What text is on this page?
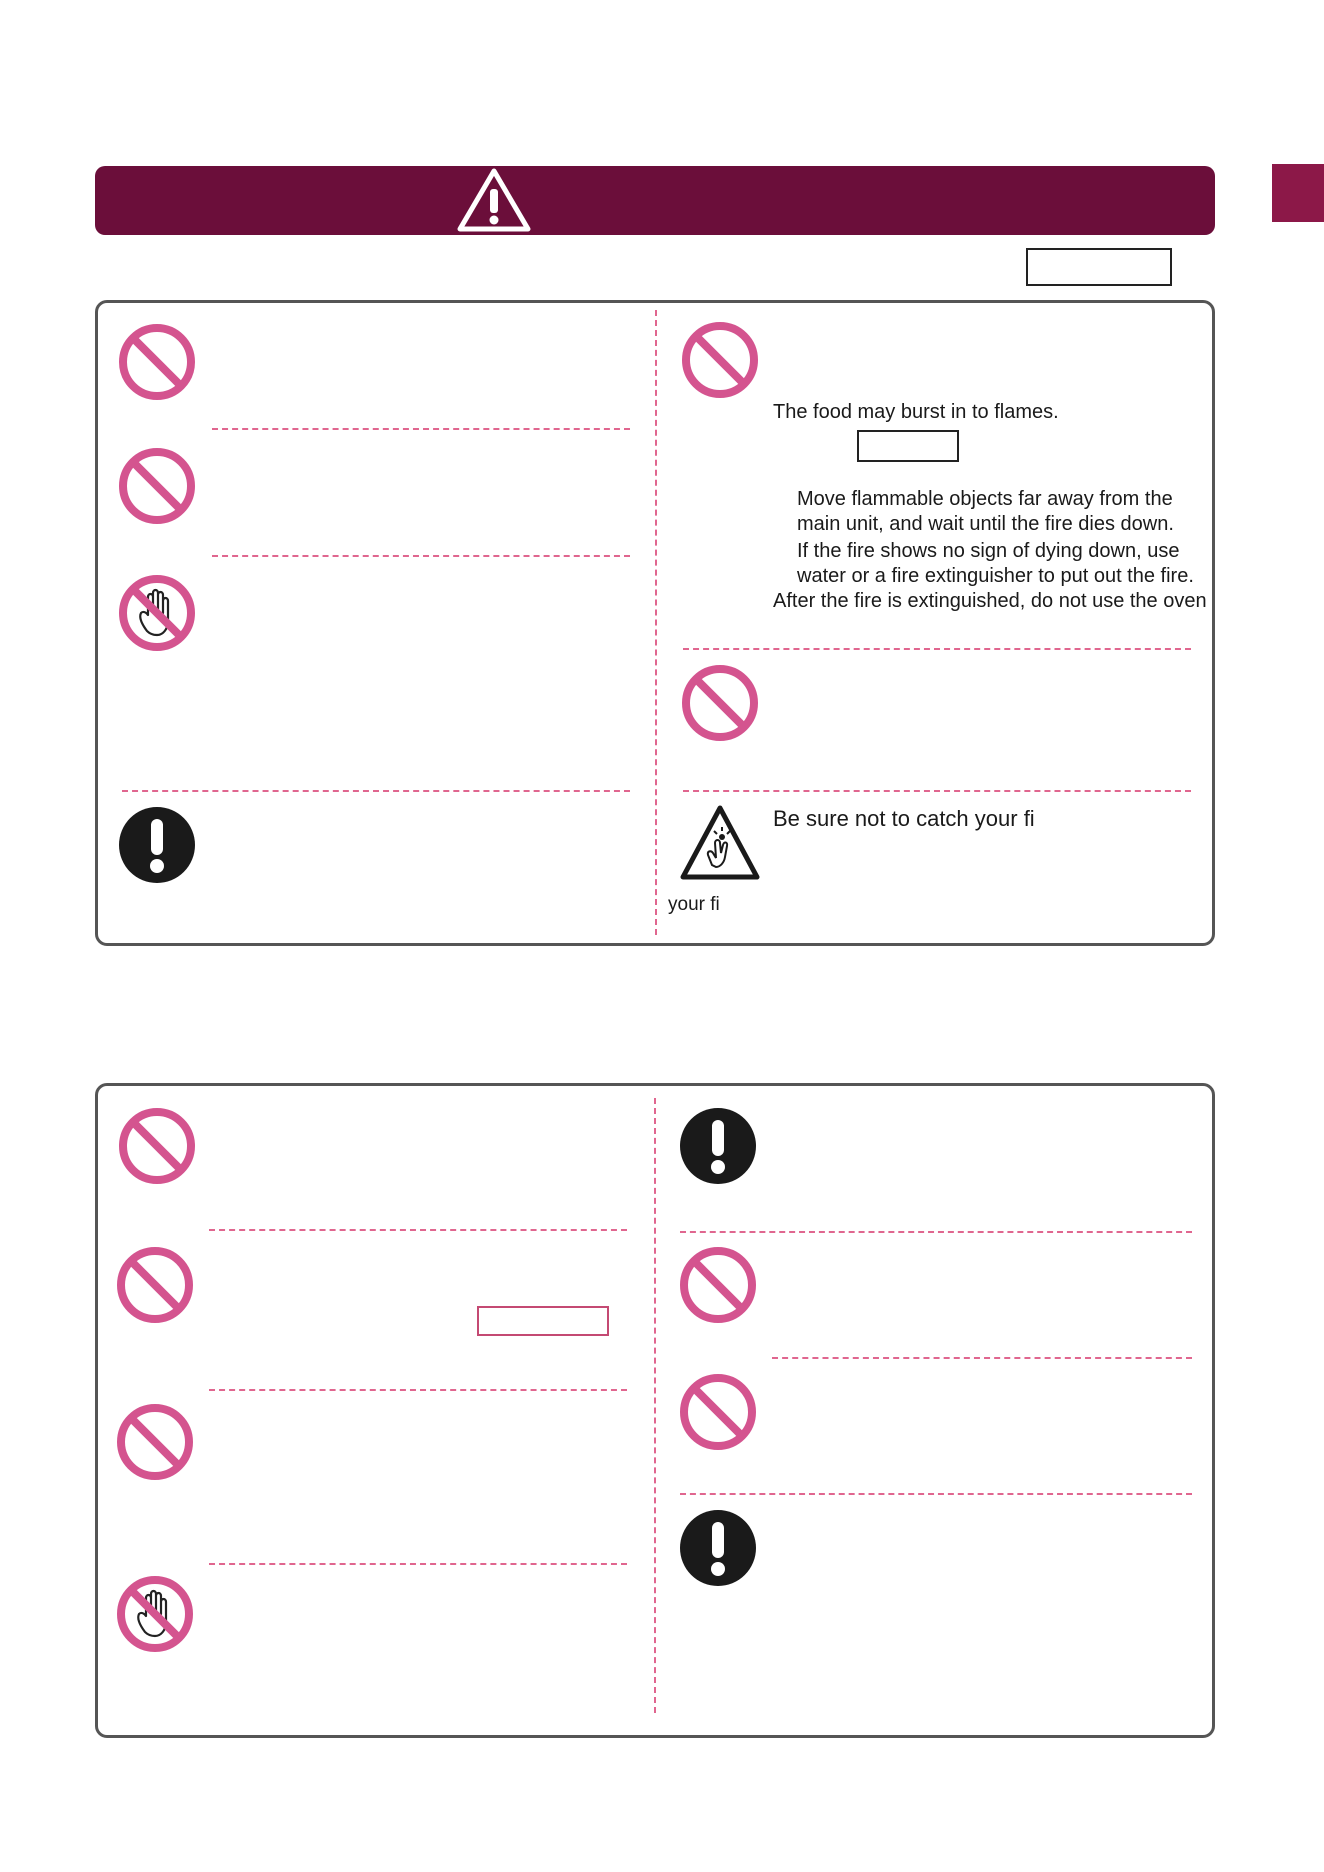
The food may burst in to flames.
Move flammable objects far away from the
main unit, and wait until the fire dies down.
If the fire shows no sign of dying down, use
water or a fire extinguisher to put out the fire.
After the fire is extinguished, do not use the oven
Be sure not to catch your fi
your fi
